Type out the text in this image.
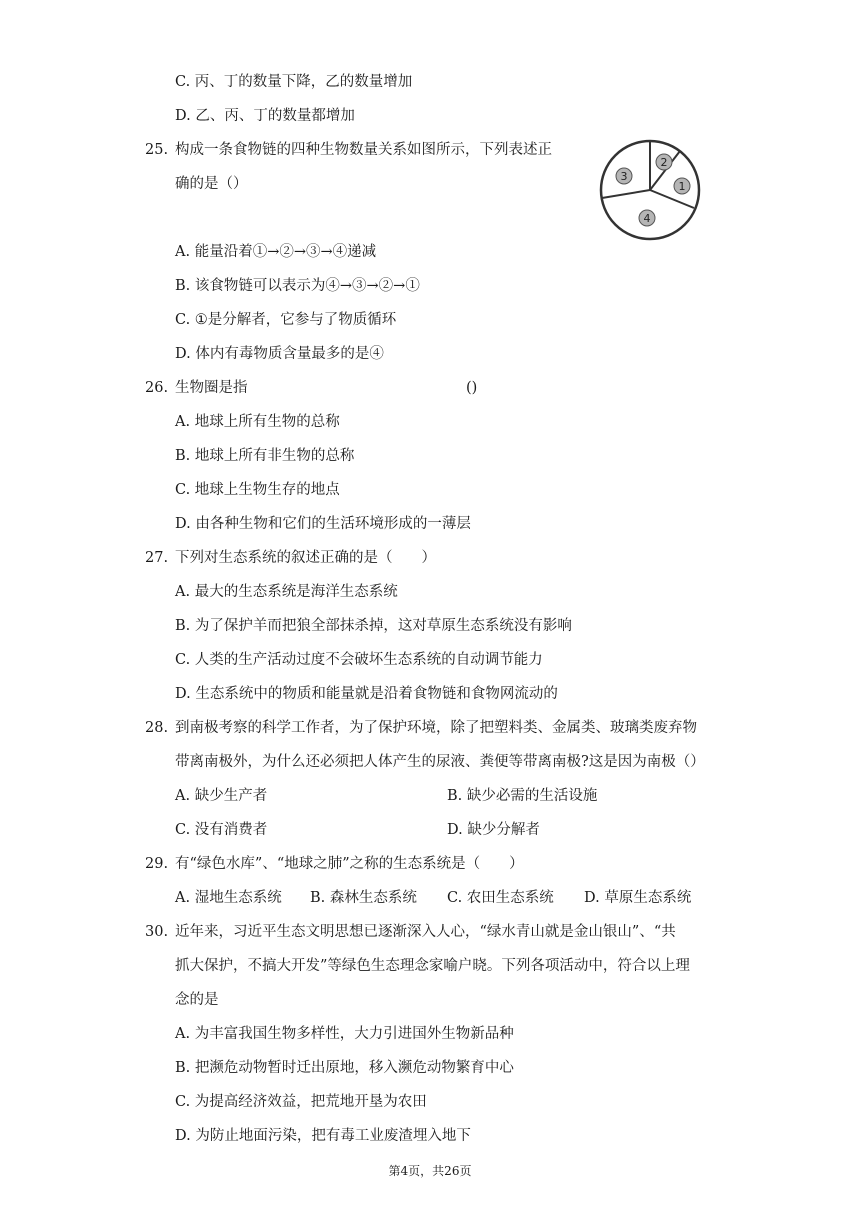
C. 丙、丁的数量下降，乙的数量增加
D. 乙、丙、丁的数量都增加
25. 构成一条食物链的四种生物数量关系如图所示，下列表述正
确的是（）	3
2
1
4
A. 能量沿着①→②→③→④递减
B. 该食物链可以表示为④→③→②→①
C. ①是分解者，它参与了物质循环
D. 体内有毒物质含量最多的是④
26. 生物圈是指	()
A. 地球上所有生物的总称
B. 地球上所有非生物的总称
C. 地球上生物生存的地点
D. 由各种生物和它们的生活环境形成的一薄层
27. 下列对生态系统的叙述正确的是（　　）
A. 最大的生态系统是海洋生态系统
B. 为了保护羊而把狼全部抹杀掉，这对草原生态系统没有影响
C. 人类的生产活动过度不会破坏生态系统的自动调节能力
D. 生态系统中的物质和能量就是沿着食物链和食物网流动的
28. 到南极考察的科学工作者，为了保护环境，除了把塑料类、金属类、玻璃类废弃物
带离南极外，为什么还必须把人体产生的尿液、粪便等带离南极?这是因为南极（）
A. 缺少生产者	B. 缺少必需的生活设施
C. 没有消费者	D. 缺少分解者
29. 有“绿色水库”、“地球之肺”之称的生态系统是（　　）
A. 湿地生态系统 B. 森林生态系统 C. 农田生态系统 D. 草原生态系统
30. 近年来，习近平生态文明思想已逐渐深入人心，“绿水青山就是金山银山”、“共
抓大保护，不搞大开发”等绿色生态理念家喻户晓。下列各项活动中，符合以上理
念的是
A. 为丰富我国生物多样性，大力引进国外生物新品种
B. 把濒危动物暂时迁出原地，移入濒危动物繁育中心
C. 为提高经济效益，把荒地开垦为农田
D. 为防止地面污染，把有毒工业废渣埋入地下
第4页，共26页
